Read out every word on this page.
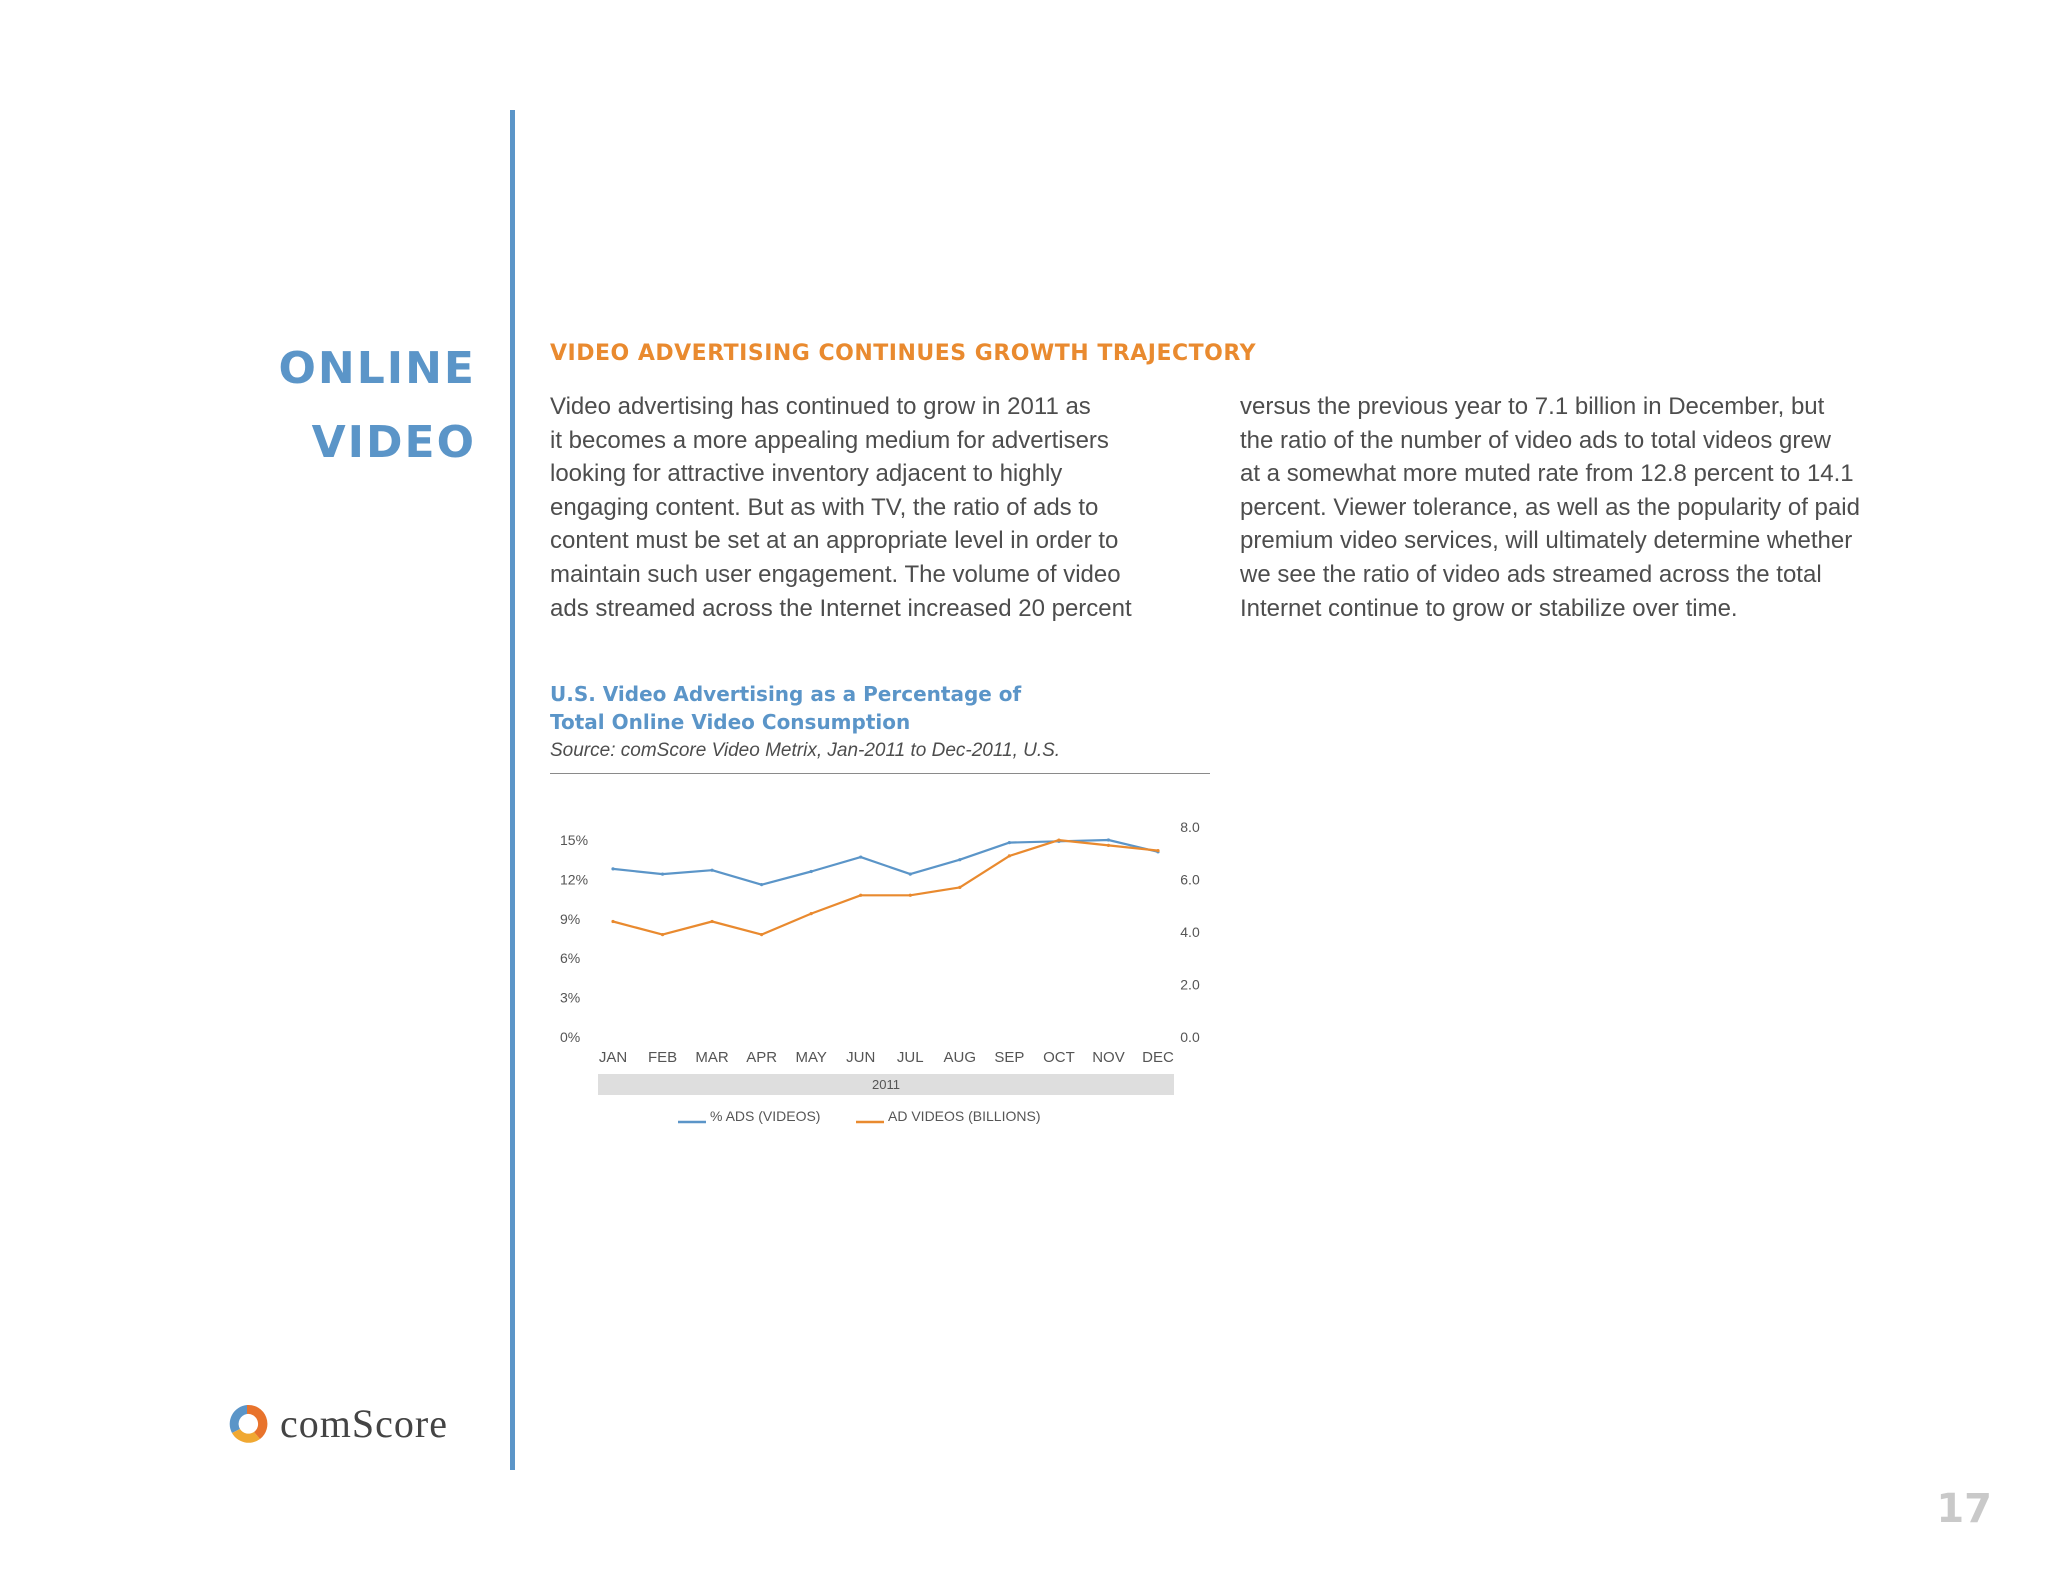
ONLINE
VIDEO
VIDEO ADVERTISING CONTINUES GROWTH TRAJECTORY
Video advertising has continued to grow in 2011 as
it becomes a more appealing medium for advertisers
looking for attractive inventory adjacent to highly
engaging content. But as with TV, the ratio of ads to
content must be set at an appropriate level in order to
maintain such user engagement. The volume of video
ads streamed across the Internet increased 20 percent
versus the previous year to 7.1 billion in December, but
the ratio of the number of video ads to total videos grew
at a somewhat more muted rate from 12.8 percent to 14.1
percent. Viewer tolerance, as well as the popularity of paid
premium video services, will ultimately determine whether
we see the ratio of video ads streamed across the total
Internet continue to grow or stabilize over time.
U.S. Video Advertising as a Percentage of
Total Online Video Consumption
Source: comScore Video Metrix, Jan-2011 to Dec-2011, U.S.
0%
3%
6%
9%
12%
15%
0.0
2.0
4.0
6.0
8.0
JAN FEB MAR APR MAY JUN JUL AUG SEP OCT NOV DEC
2011
% ADS (VIDEOS)	AD VIDEOS (BILLIONS)
comScore
17
